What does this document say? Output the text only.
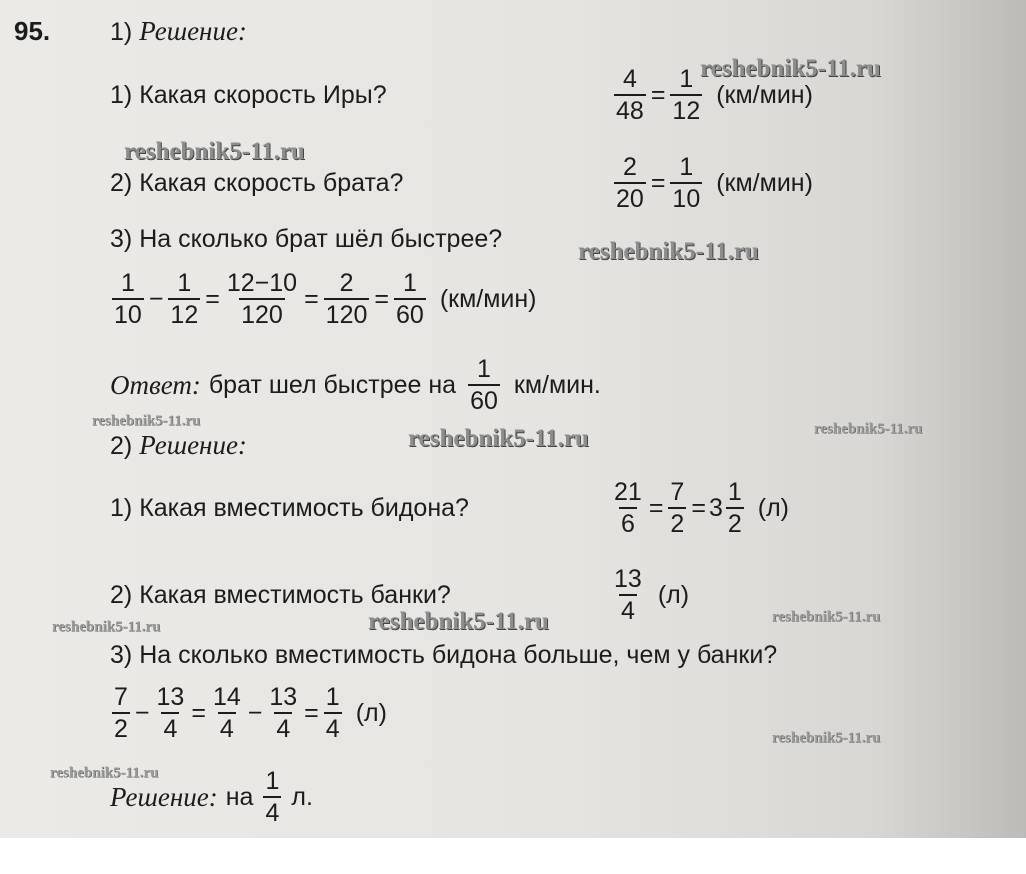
95. 1) Решение:
1) Какая скорость Иры?	$\frac{4}{48} = \frac{1}{12} (км/мин)$
2) Какая скорость брата?	$\frac{2}{20} = \frac{1}{10} (км/мин)$
3) На сколько брат шёл быстрее?
$\frac{1}{10} - \frac{1}{12} = \frac{12-10}{120} = \frac{2}{120} = \frac{1}{60} (км/мин)$
Ответ: брат шел быстрее на $\frac{1}{60} км/мин$.
2) Решение:
1) Какая вместимость бидона?	$\frac{21}{6} = \frac{7}{2} = 3 \frac{1}{2} (л)$
2) Какая вместимость банки?	$\frac{13}{4} (л)$
3) На сколько вместимость бидона больше, чем у банки?
$\frac{7}{2} - \frac{13}{4} = \frac{14}{4} - \frac{13}{4} = \frac{1}{4} (л)$
Решение: на $\frac{1}{4} л$.
reshebnik5-11.ru
reshebnik5-11.ru
reshebnik5-11.ru
reshebnik5-11.ru
reshebnik5-11.ru	reshebnik5-11.ru
reshebnik5-11.ru	reshebnik5-11.ru	reshebnik5-11.ru
reshebnik5-11.ru
reshebnik5-11.ru
